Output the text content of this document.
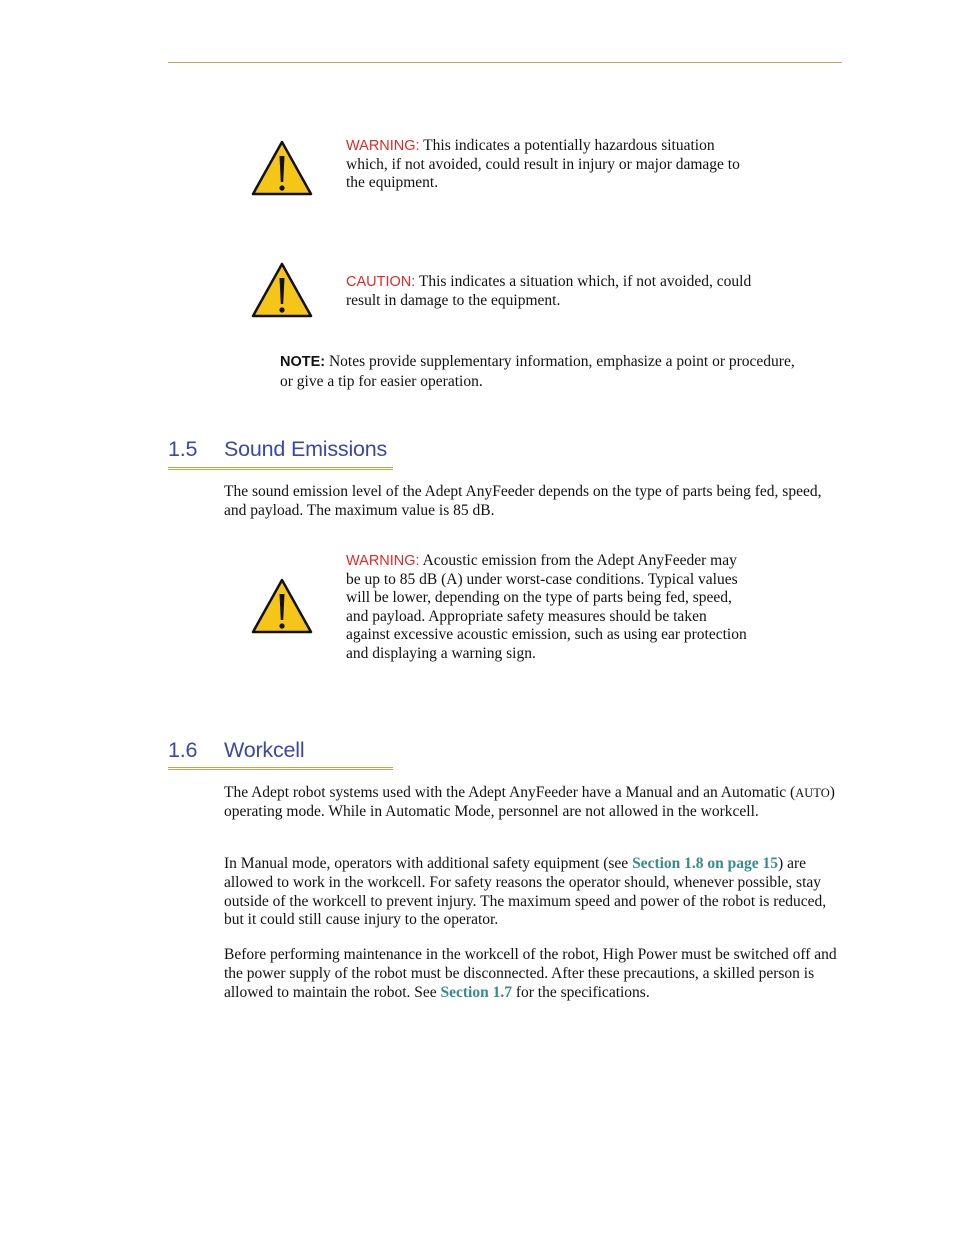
WARNING: This indicates a potentially hazardous situation which, if not avoided, could result in injury or major damage to the equipment.
CAUTION: This indicates a situation which, if not avoided, could result in damage to the equipment.
NOTE: Notes provide supplementary information, emphasize a point or procedure, or give a tip for easier operation.
1.5 Sound Emissions
The sound emission level of the Adept AnyFeeder depends on the type of parts being fed, speed, and payload. The maximum value is 85 dB.
WARNING: Acoustic emission from the Adept AnyFeeder may be up to 85 dB (A) under worst-case conditions. Typical values will be lower, depending on the type of parts being fed, speed, and payload. Appropriate safety measures should be taken against excessive acoustic emission, such as using ear protection and displaying a warning sign.
1.6 Workcell
The Adept robot systems used with the Adept AnyFeeder have a Manual and an Automatic (AUTO) operating mode. While in Automatic Mode, personnel are not allowed in the workcell.
In Manual mode, operators with additional safety equipment (see Section 1.8 on page 15) are allowed to work in the workcell. For safety reasons the operator should, whenever possible, stay outside of the workcell to prevent injury. The maximum speed and power of the robot is reduced, but it could still cause injury to the operator.
Before performing maintenance in the workcell of the robot, High Power must be switched off and the power supply of the robot must be disconnected. After these precautions, a skilled person is allowed to maintain the robot. See Section 1.7 for the specifications.
